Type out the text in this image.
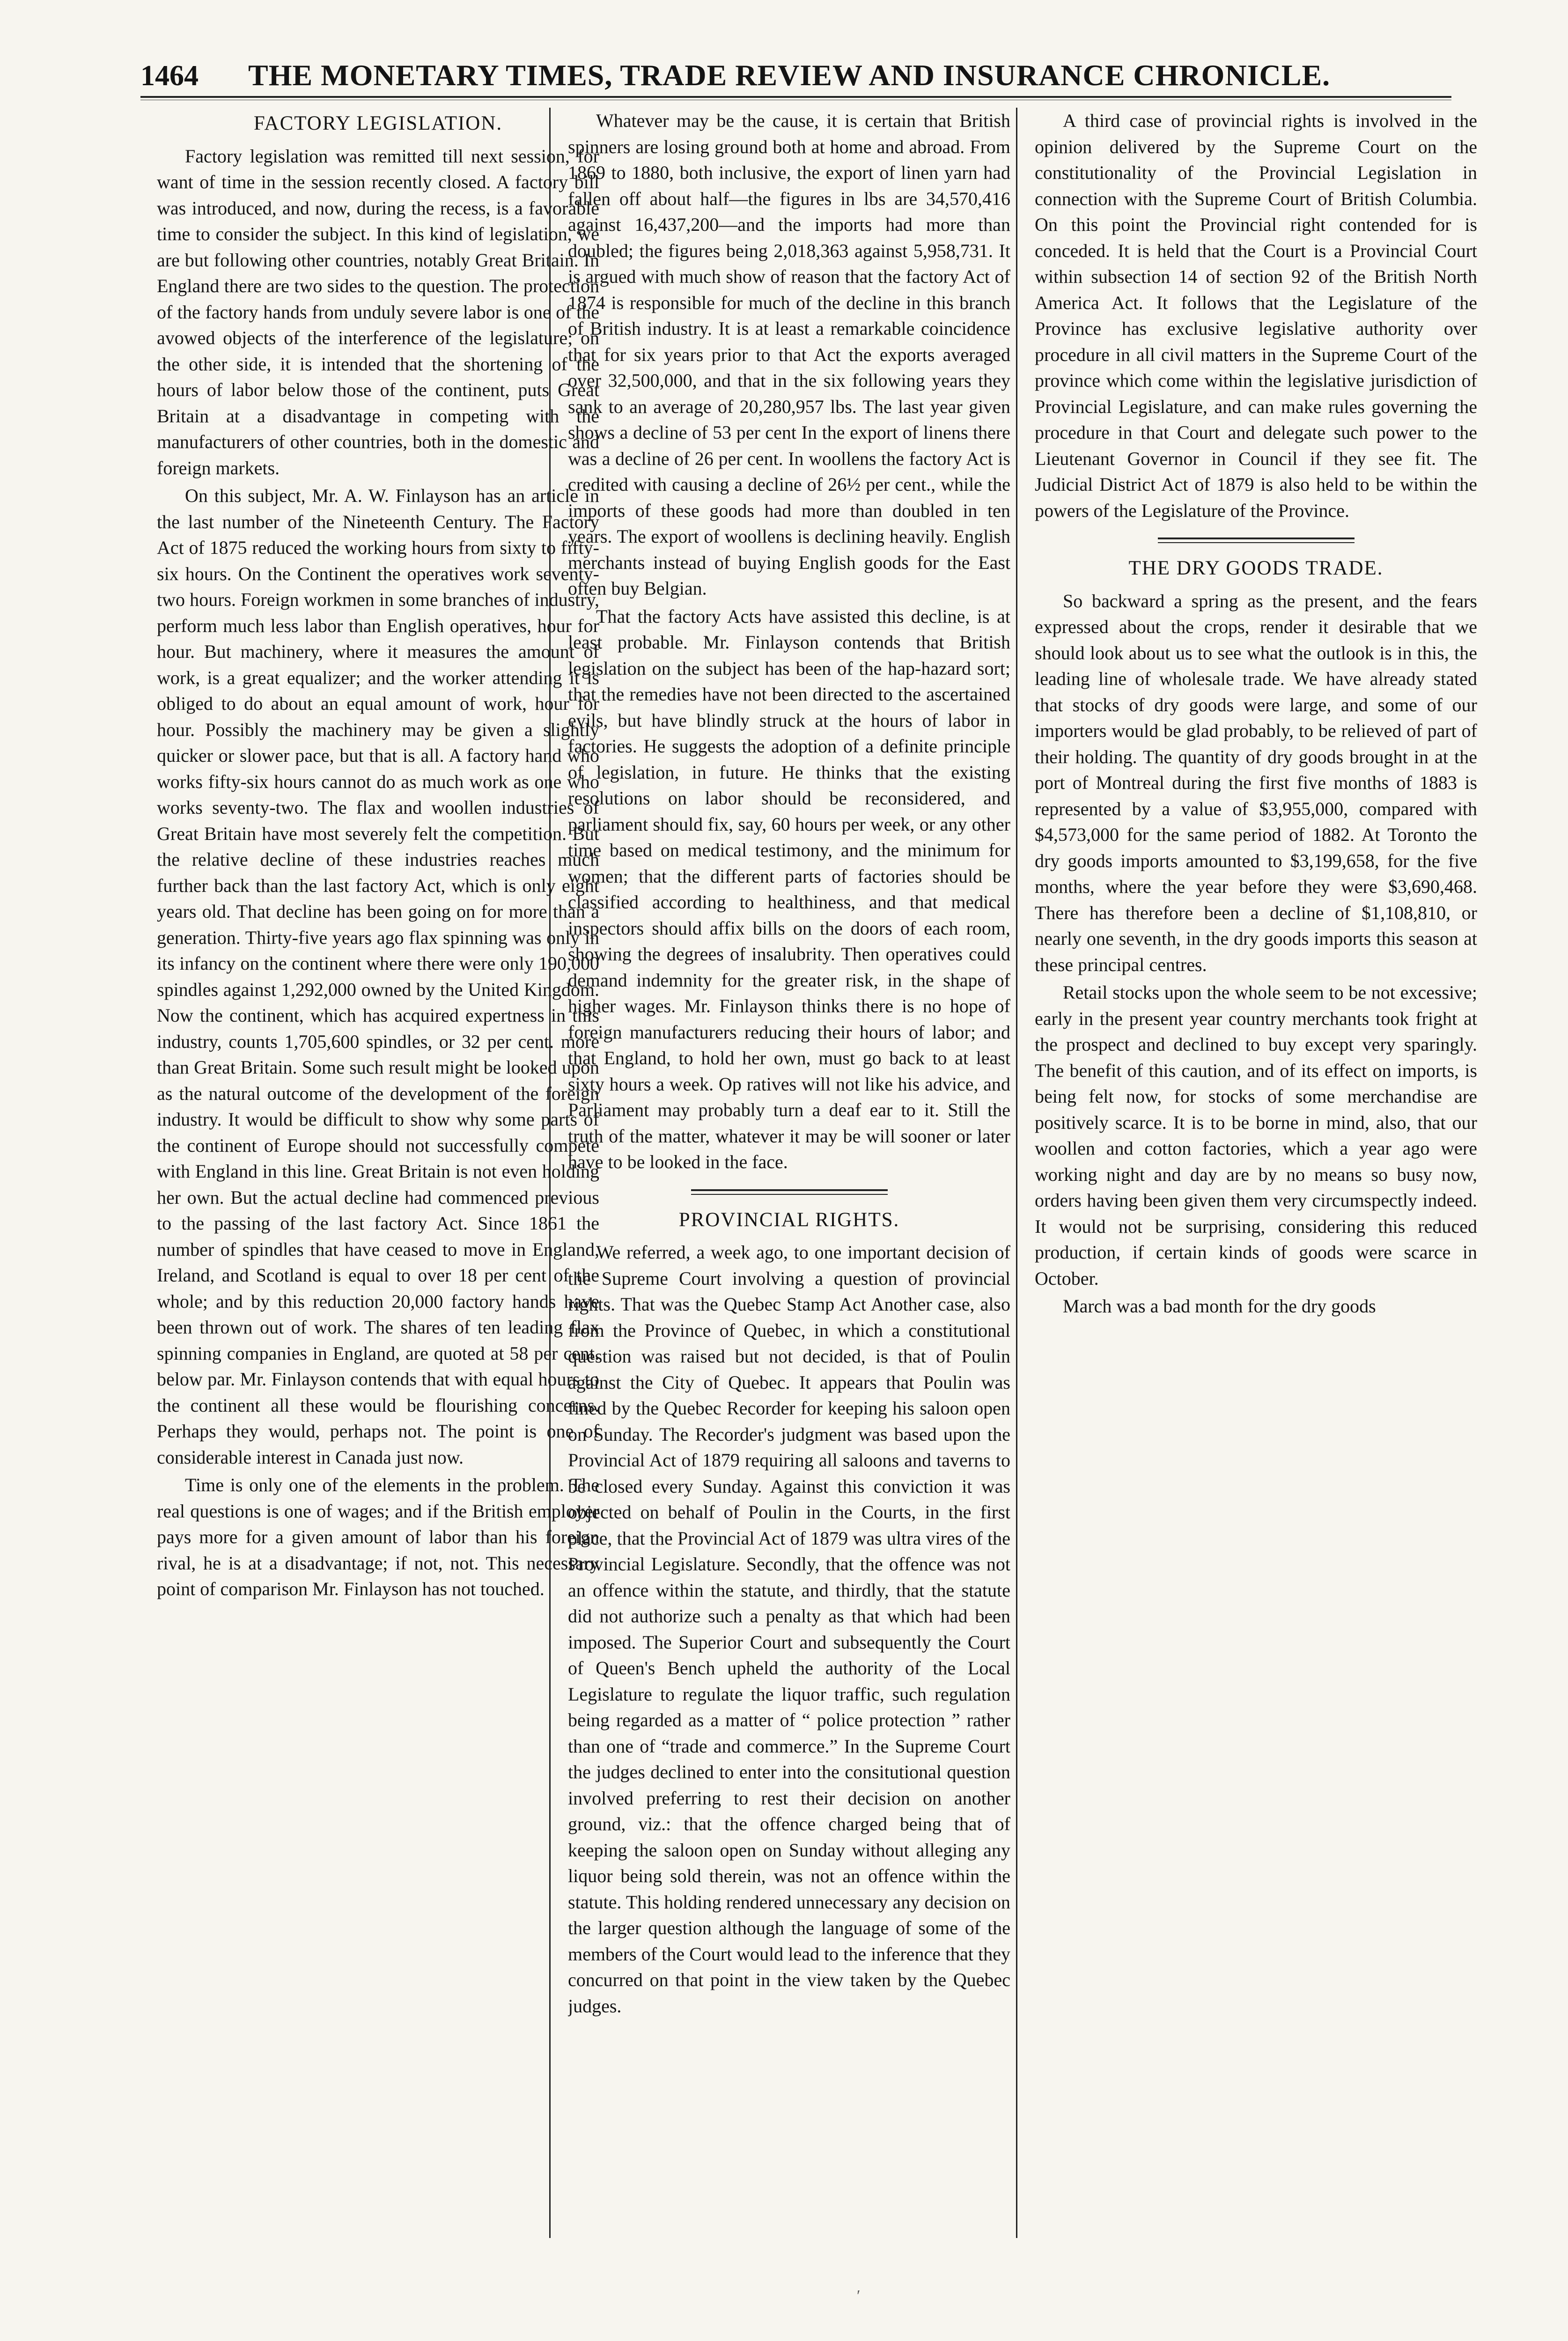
1464	THE MONETARY TIMES, TRADE REVIEW AND INSURANCE CHRONICLE.
FACTORY LEGISLATION.

Factory legislation was remitted till next session, for want of time in the session recently closed. A factory bill was introduced, and now, during the recess, is a favorable time to consider the subject. In this kind of legislation, we are but following other countries, notably Great Britain. In England there are two sides to the question. The protection of the factory hands from unduly severe labor is one of the avowed objects of the interference of the legislature; on the other side, it is intended that the shortening of the hours of labor below those of the continent, puts Great Britain at a disadvantage in competing with the manufacturers of other countries, both in the domestic and foreign markets.

On this subject, Mr. A. W. Finlayson has an article in the last number of the Nineteenth Century. The Factory Act of 1875 reduced the working hours from sixty to fifty-six hours. On the Continent the operatives work seventy-two hours. Foreign workmen in some branches of industry, perform much less labor than English operatives, hour for hour. But machinery, where it measures the amount of work, is a great equalizer; and the worker attending it is obliged to do about an equal amount of work, hour for hour. Possibly the machinery may be given a slightly quicker or slower pace, but that is all. A factory hand who works fifty-six hours cannot do as much work as one who works seventy-two. The flax and woollen industries of Great Britain have most severely felt the competition. But the relative decline of these industries reaches much further back than the last factory Act, which is only eight years old. That decline has been going on for more than a generation. Thirty-five years ago flax spinning was only in its infancy on the continent where there were only 190,000 spindles against 1,292,000 owned by the United Kingdom. Now the continent, which has acquired expertness in this industry, counts 1,705,600 spindles, or 32 per cent. more than Great Britain. Some such result might be looked upon as the natural outcome of the development of the foreign industry. It would be difficult to show why some parts of the continent of Europe should not successfully compete with England in this line. Great Britain is not even holding her own. But the actual decline had commenced previous to the passing of the last factory Act. Since 1861 the number of spindles that have ceased to move in England, Ireland, and Scotland is equal to over 18 per cent of the whole; and by this reduction 20,000 factory hands have been thrown out of work. The shares of ten leading flax spinning companies in England, are quoted at 58 per cent. below par. Mr. Finlayson contends that with equal hours to the continent all these would be flourishing concerns. Perhaps they would, perhaps not. The point is one of considerable interest in Canada just now.

Time is only one of the elements in the problem. The real questions is one of wages; and if the British employer pays more for a given amount of labor than his foreign rival, he is at a disadvantage; if not, not. This necessary point of comparison Mr. Finlayson has not touched.

Whatever may be the cause, it is certain that British spinners are losing ground both at home and abroad. From 1869 to 1880, both inclusive, the export of linen yarn had fallen off about half—the figures in lbs are 34,570,416 against 16,437,200—and the imports had more than doubled; the figures being 2,018,363 against 5,958,731. It is argued with much show of reason that the factory Act of 1874 is responsible for much of the decline in this branch of British industry. It is at least a remarkable coincidence that for six years prior to that Act the exports averaged over 32,500,000, and that in the six following years they sank to an average of 20,280,957 lbs. The last year given shows a decline of 53 per cent In the export of linens there was a decline of 26 per cent. In woollens the factory Act is credited with causing a decline of 26½ per cent., while the imports of these goods had more than doubled in ten years. The export of woollens is declining heavily. English merchants instead of buying English goods for the East often buy Belgian.

That the factory Acts have assisted this decline, is at least probable. Mr. Finlayson contends that British legislation on the subject has been of the hap-hazard sort; that the remedies have not been directed to the ascertained evils, but have blindly struck at the hours of labor in factories. He suggests the adoption of a definite principle of legislation, in future. He thinks that the existing resolutions on labor should be reconsidered, and parliament should fix, say, 60 hours per week, or any other time based on medical testimony, and the minimum for women; that the different parts of factories should be classified according to healthiness, and that medical inspectors should affix bills on the doors of each room, showing the degrees of insalubrity. Then operatives could demand indemnity for the greater risk, in the shape of higher wages. Mr. Finlayson thinks there is no hope of foreign manufacturers reducing their hours of labor; and that England, to hold her own, must go back to at least sixty hours a week. Op ratives will not like his advice, and Parliament may probably turn a deaf ear to it. Still the truth of the matter, whatever it may be will sooner or later have to be looked in the face.

PROVINCIAL RIGHTS.

We referred, a week ago, to one important decision of the Supreme Court involving a question of provincial rights. That was the Quebec Stamp Act Another case, also from the Province of Quebec, in which a constitutional question was raised but not decided, is that of Poulin against the City of Quebec. It appears that Poulin was fined by the Quebec Recorder for keeping his saloon open on Sunday. The Recorder's judgment was based upon the Provincial Act of 1879 requiring all saloons and taverns to be closed every Sunday. Against this conviction it was objected on behalf of Poulin in the Courts, in the first place, that the Provincial Act of 1879 was ultra vires of the Provincial Legislature. Secondly, that the offence was not an offence within the statute, and thirdly, that the statute did not authorize such a penalty as that which had been imposed. The Superior Court and subsequently the Court of Queen's Bench upheld the authority of the Local Legislature to regulate the liquor traffic, such regulation being regarded as a matter of “ police protection ” rather than one of “trade and commerce.” In the Supreme Court the judges declined to enter into the consitutional question involved preferring to rest their decision on another ground, viz.: that the offence charged being that of keeping the saloon open on Sunday without alleging any liquor being sold therein, was not an offence within the statute. This holding rendered unnecessary any decision on the larger question although the language of some of the members of the Court would lead to the inference that they concurred on that point in the view taken by the Quebec judges.

A third case of provincial rights is involved in the opinion delivered by the Supreme Court on the constitutionality of the Provincial Legislation in connection with the Supreme Court of British Columbia. On this point the Provincial right contended for is conceded. It is held that the Court is a Provincial Court within subsection 14 of section 92 of the British North America Act. It follows that the Legislature of the Province has exclusive legislative authority over procedure in all civil matters in the Supreme Court of the province which come within the legislative jurisdiction of Provincial Legislature, and can make rules governing the procedure in that Court and delegate such power to the Lieutenant Governor in Council if they see fit. The Judicial District Act of 1879 is also held to be within the powers of the Legislature of the Province.

THE DRY GOODS TRADE.

So backward a spring as the present, and the fears expressed about the crops, render it desirable that we should look about us to see what the outlook is in this, the leading line of wholesale trade. We have already stated that stocks of dry goods were large, and some of our importers would be glad probably, to be relieved of part of their holding. The quantity of dry goods brought in at the port of Montreal during the first five months of 1883 is represented by a value of $3,955,000, compared with $4,573,000 for the same period of 1882. At Toronto the dry goods imports amounted to $3,199,658, for the five months, where the year before they were $3,690,468. There has therefore been a decline of $1,108,810, or nearly one seventh, in the dry goods imports this season at these principal centres.

Retail stocks upon the whole seem to be not excessive; early in the present year country merchants took fright at the prospect and declined to buy except very sparingly. The benefit of this caution, and of its effect on imports, is being felt now, for stocks of some merchandise are positively scarce. It is to be borne in mind, also, that our woollen and cotton factories, which a year ago were working night and day are by no means so busy now, orders having been given them very circumspectly indeed. It would not be surprising, considering this reduced production, if certain kinds of goods were scarce in October.

March was a bad month for the dry goods

′
